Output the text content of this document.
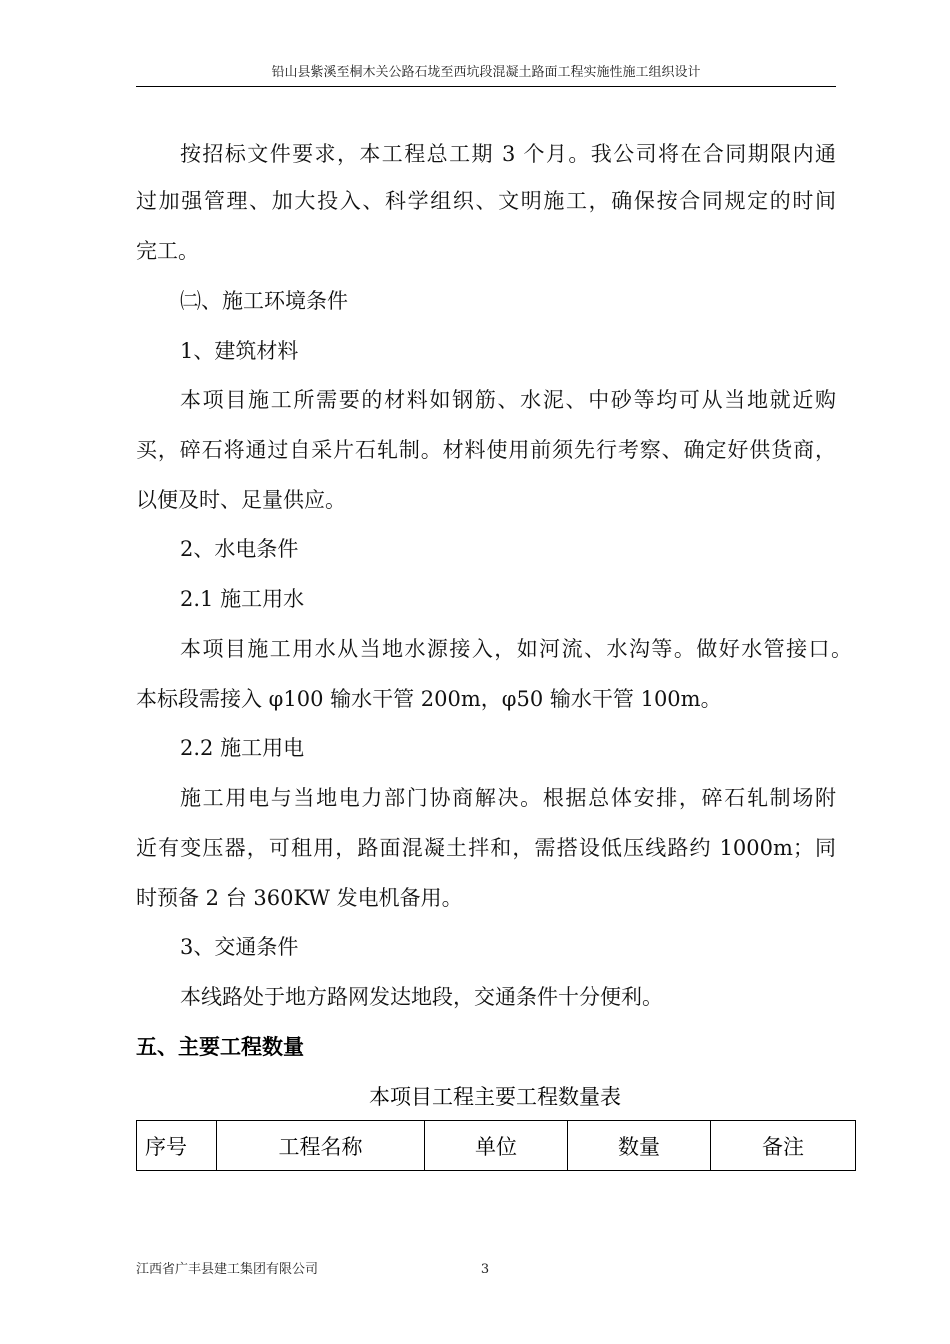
铅山县紫溪至桐木关公路石垅至西坑段混凝土路面工程实施性施工组织设计
按招标文件要求，本工程总工期 3 个月。我公司将在合同期限内通
过加强管理、加大投入、科学组织、文明施工，确保按合同规定的时间
完工。
㈡、施工环境条件
1、建筑材料
本项目施工所需要的材料如钢筋、水泥、中砂等均可从当地就近购
买，碎石将通过自采片石轧制。材料使用前须先行考察、确定好供货商，
以便及时、足量供应。
2、水电条件
2.1 施工用水
本项目施工用水从当地水源接入，如河流、水沟等。做好水管接口。
本标段需接入 φ100 输水干管 200m，φ50 输水干管 100m。
2.2 施工用电
施工用电与当地电力部门协商解决。根据总体安排，碎石轧制场附
近有变压器，可租用，路面混凝土拌和，需搭设低压线路约 1000m；同
时预备 2 台 360KW 发电机备用。
3、交通条件
本线路处于地方路网发达地段，交通条件十分便利。
五、主要工程数量
本项目工程主要工程数量表
序号	工程名称	单位	数量	备注
江西省广丰县建工集团有限公司	3
